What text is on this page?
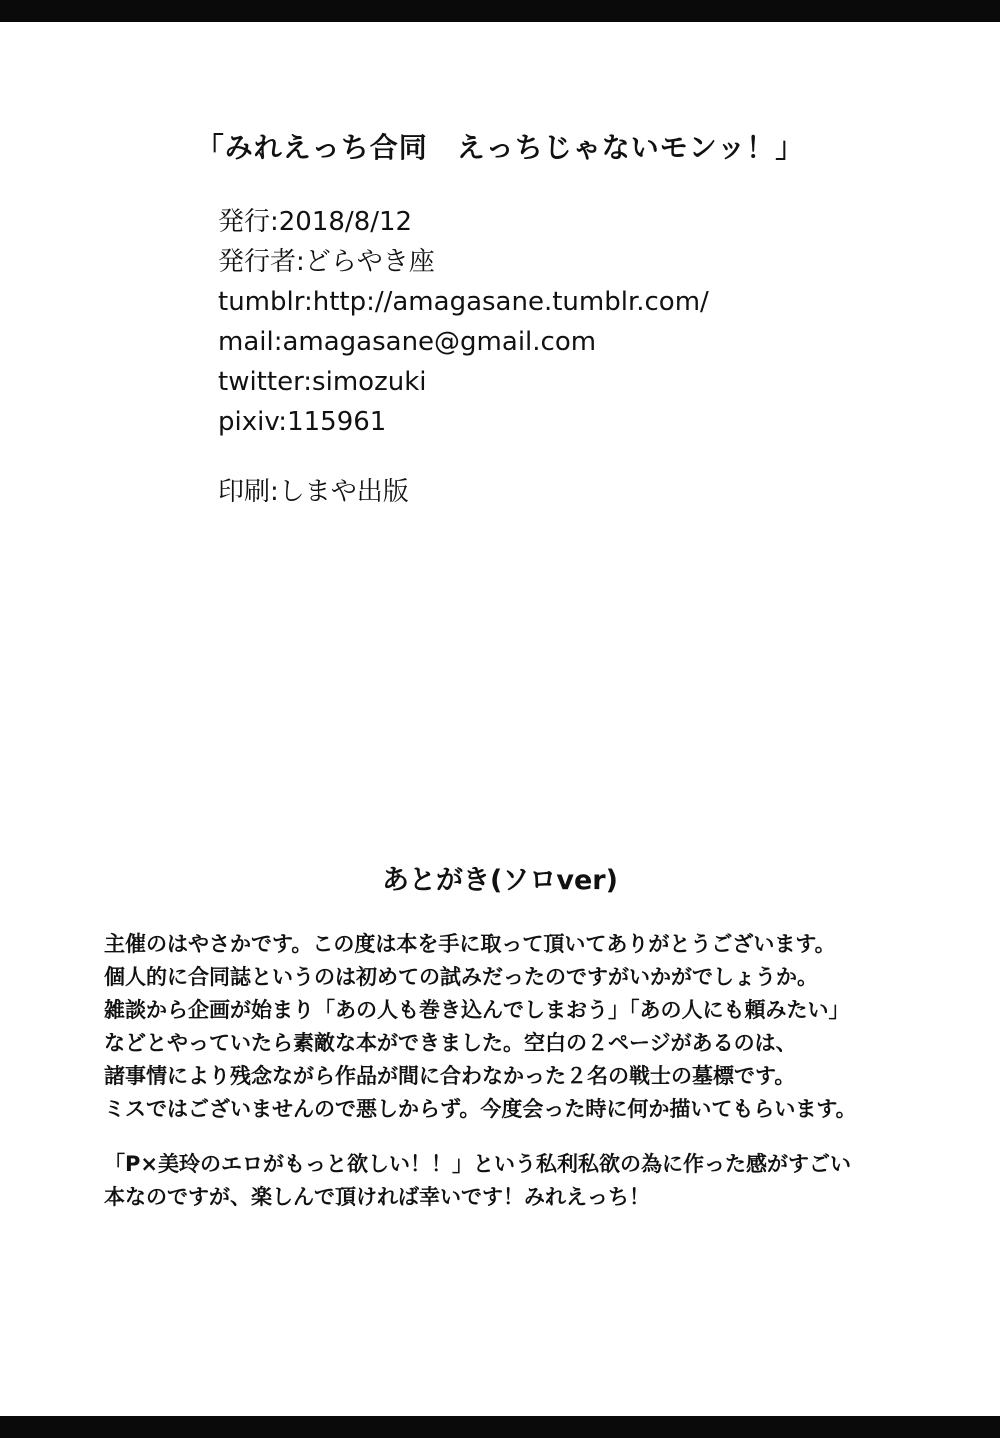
「みれえっち合同　えっちじゃないモンッ！」
発行:2018/8/12
発行者:どらやき座
tumblr:http://amagasane.tumblr.com/
mail:amagasane@gmail.com
twitter:simozuki
pixiv:115961
印刷:しまや出版
あとがき(ソロver)
主催のはやさかです。この度は本を手に取って頂いてありがとうございます。
個人的に合同誌というのは初めての試みだったのですがいかがでしょうか。
雑談から企画が始まり「あの人も巻き込んでしまおう」「あの人にも頼みたい」
などとやっていたら素敵な本ができました。空白の２ページがあるのは、
諸事情により残念ながら作品が間に合わなかった２名の戦士の墓標です。
ミスではございませんので悪しからず。今度会った時に何か描いてもらいます。
「P×美玲のエロがもっと欲しい！！」という私利私欲の為に作った感がすごい
本なのですが、楽しんで頂ければ幸いです！みれえっち！
